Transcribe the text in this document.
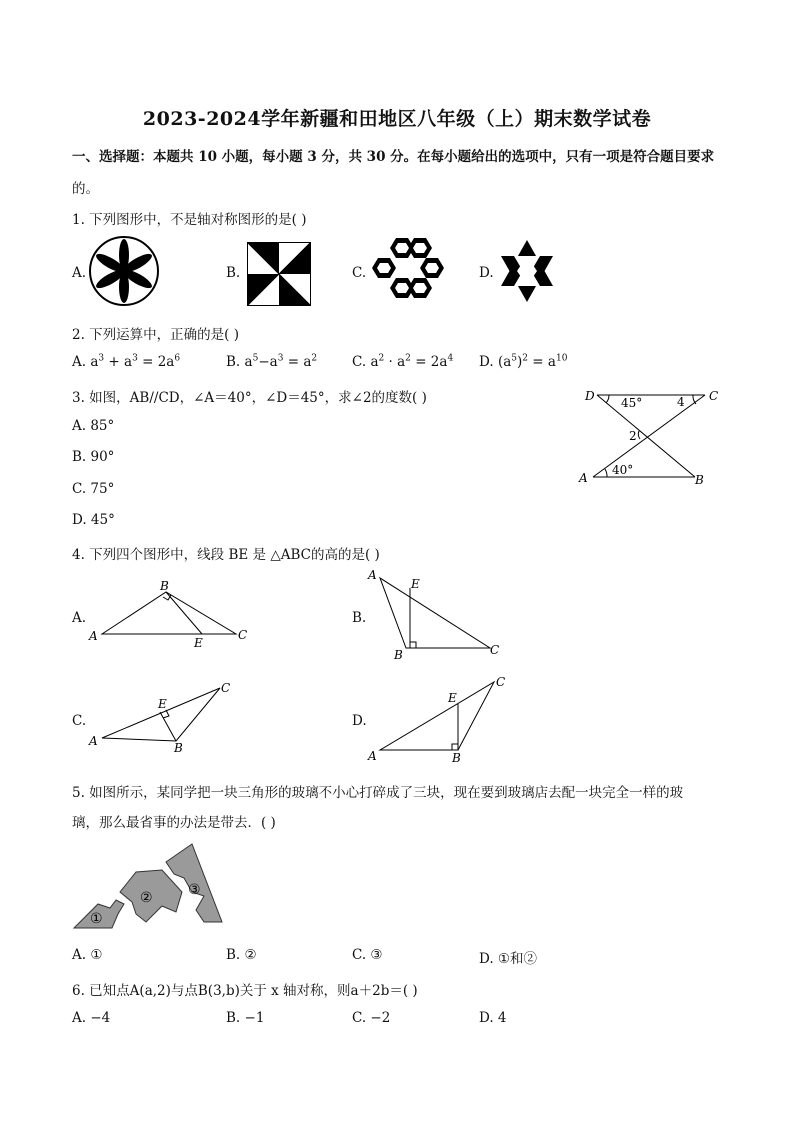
2023-2024学年新疆和田地区八年级（上）期末数学试卷
一、选择题：本题共 10 小题，每小题 3 分，共 30 分。在每小题给出的选项中，只有一项是符合题目要求
的。
1. 下列图形中，不是轴对称图形的是( )
A.	B.	C.	D.
2. 下列运算中，正确的是( )
A. $a^3 + a^3 = 2a^6$	B. $a^5-a^3 = a^2$	C. $a^2 \cdot a^2 = 2a^4$ D. $(a^5)^2 = a^{10}$
3. 如图，AB//CD，∠A＝40°，∠D＝45°，求∠2的度数( )
A. 85°
B. 90°
C. 75°
D. 45°
D	C
A	B
45°	4
2
40°
4. 下列四个图形中，线段 BE 是 △ABC的高的是( )
A.
A
B
C
E
B.
A
E
B	C
C.
A
E
B
C
D.
A
E
B
C
5. 如图所示，某同学把一块三角形的玻璃不小心打碎成了三块，现在要到玻璃店去配一块完全一样的玻
璃，那么最省事的办法是带去．( )
①
②	③
A. ①	B. ②	C. ③	D. ①和②
6. 已知点A(a,2)与点B(3,b)关于 x 轴对称，则a＋2b＝( )
A. −4	B. −1	C. −2	D. 4
